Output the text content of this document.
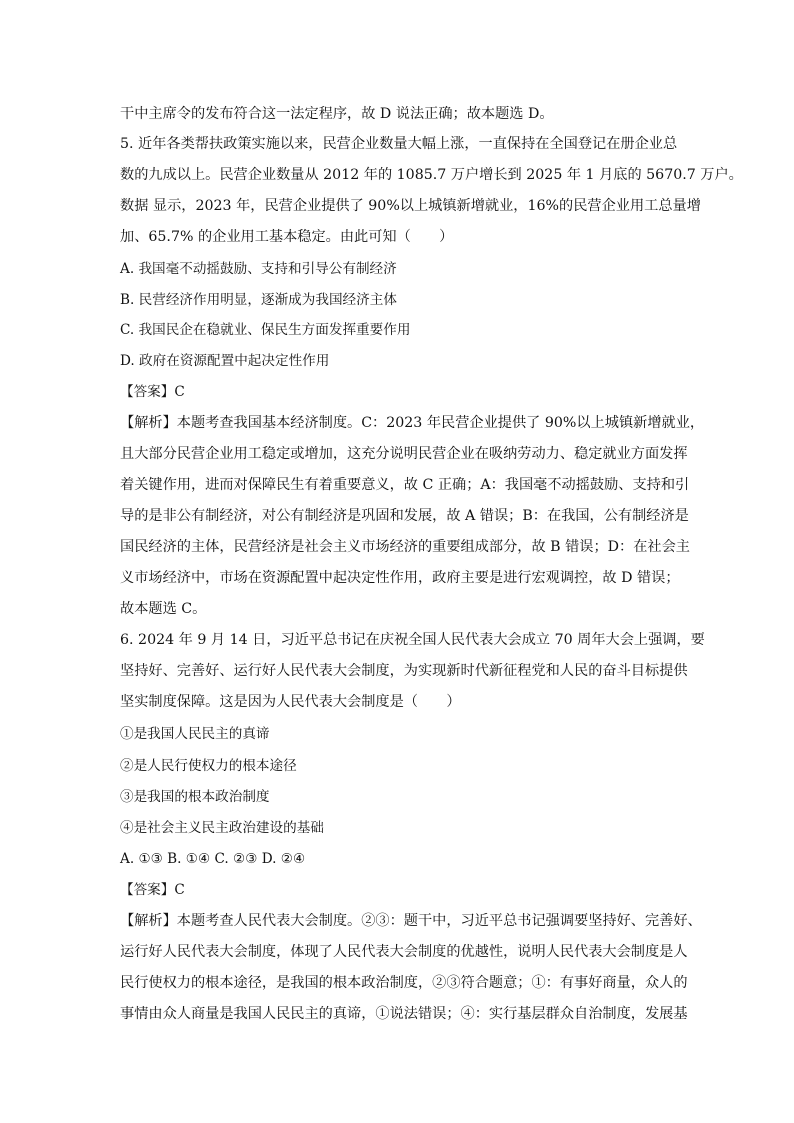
干中主席令的发布符合这一法定程序，故 D 说法正确；故本题选 D。
5. 近年各类帮扶政策实施以来，民营企业数量大幅上涨，一直保持在全国登记在册企业总
数的九成以上。民营企业数量从 2012 年的 1085.7 万户增长到 2025 年 1 月底的 5670.7 万户。
数据 显示，2023 年，民营企业提供了 90%以上城镇新增就业，16%的民营企业用工总量增
加、65.7% 的企业用工基本稳定。由此可知（　　）
A. 我国毫不动摇鼓励、支持和引导公有制经济
B. 民营经济作用明显，逐渐成为我国经济主体
C. 我国民企在稳就业、保民生方面发挥重要作用
D. 政府在资源配置中起决定性作用
【答案】C
【解析】本题考查我国基本经济制度。C：2023 年民营企业提供了 90%以上城镇新增就业，
且大部分民营企业用工稳定或增加，这充分说明民营企业在吸纳劳动力、稳定就业方面发挥
着关键作用，进而对保障民生有着重要意义，故 C 正确；A：我国毫不动摇鼓励、支持和引
导的是非公有制经济，对公有制经济是巩固和发展，故 A 错误；B：在我国，公有制经济是
国民经济的主体，民营经济是社会主义市场经济的重要组成部分，故 B 错误；D：在社会主
义市场经济中，市场在资源配置中起决定性作用，政府主要是进行宏观调控，故 D 错误；
故本题选 C。
6. 2024 年 9 月 14 日，习近平总书记在庆祝全国人民代表大会成立 70 周年大会上强调，要
坚持好、完善好、运行好人民代表大会制度，为实现新时代新征程党和人民的奋斗目标提供
坚实制度保障。这是因为人民代表大会制度是（　　）
①是我国人民民主的真谛
②是人民行使权力的根本途径
③是我国的根本政治制度
④是社会主义民主政治建设的基础
A. ①③ B. ①④ C. ②③ D. ②④
【答案】C
【解析】本题考查人民代表大会制度。②③：题干中，习近平总书记强调要坚持好、完善好、
运行好人民代表大会制度，体现了人民代表大会制度的优越性，说明人民代表大会制度是人
民行使权力的根本途径，是我国的根本政治制度，②③符合题意；①：有事好商量，众人的
事情由众人商量是我国人民民主的真谛，①说法错误；④：实行基层群众自治制度，发展基
